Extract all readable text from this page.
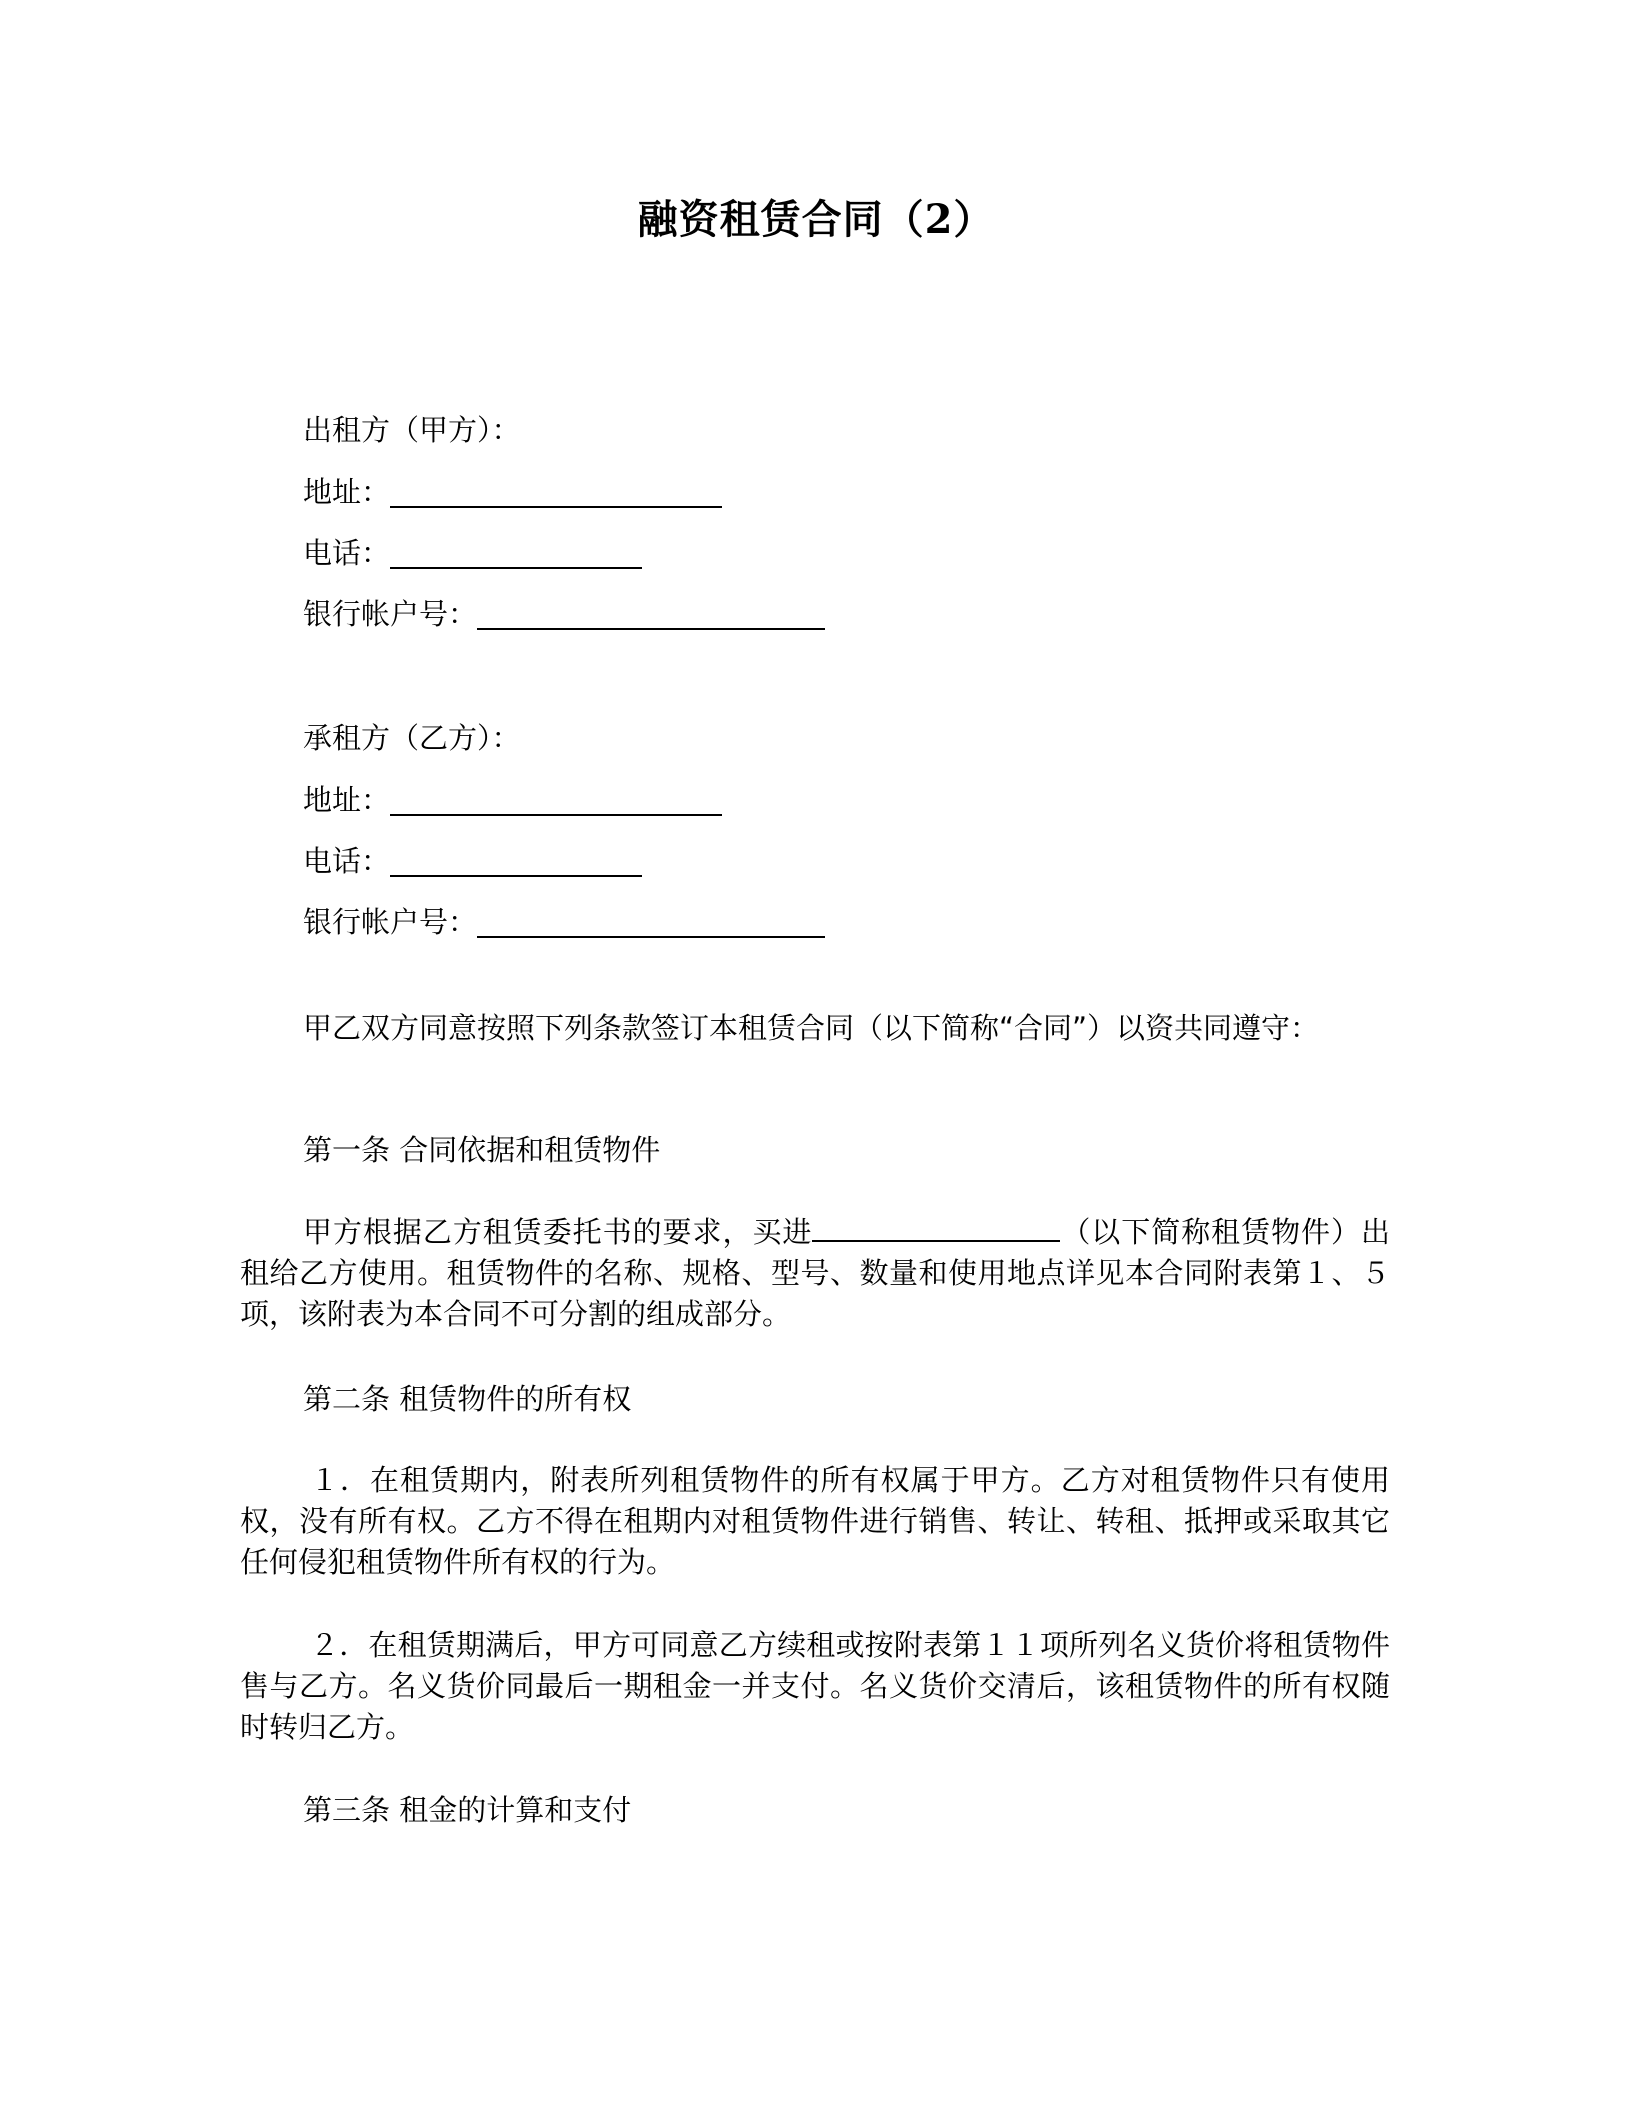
融资租赁合同（2）
出租方（甲方）：
地址：
电话：
银行帐户号：
承租方（乙方）：
地址：
电话：
银行帐户号：
甲乙双方同意按照下列条款签订本租赁合同（以下简称“合同”）以资共同遵守：
第一条 合同依据和租赁物件
甲方根据乙方租赁委托书的要求，买进	（以下简称租赁物件）出租给乙方使用。租赁物件的名称、规格、型号、数量和使用地点详见本合同附表第１、５项，该附表为本合同不可分割的组成部分。
第二条 租赁物件的所有权
１．在租赁期内，附表所列租赁物件的所有权属于甲方。乙方对租赁物件只有使用权，没有所有权。乙方不得在租期内对租赁物件进行销售、转让、转租、抵押或采取其它任何侵犯租赁物件所有权的行为。
２．在租赁期满后，甲方可同意乙方续租或按附表第１１项所列名义货价将租赁物件售与乙方。名义货价同最后一期租金一并支付。名义货价交清后，该租赁物件的所有权随时转归乙方。
第三条 租金的计算和支付
